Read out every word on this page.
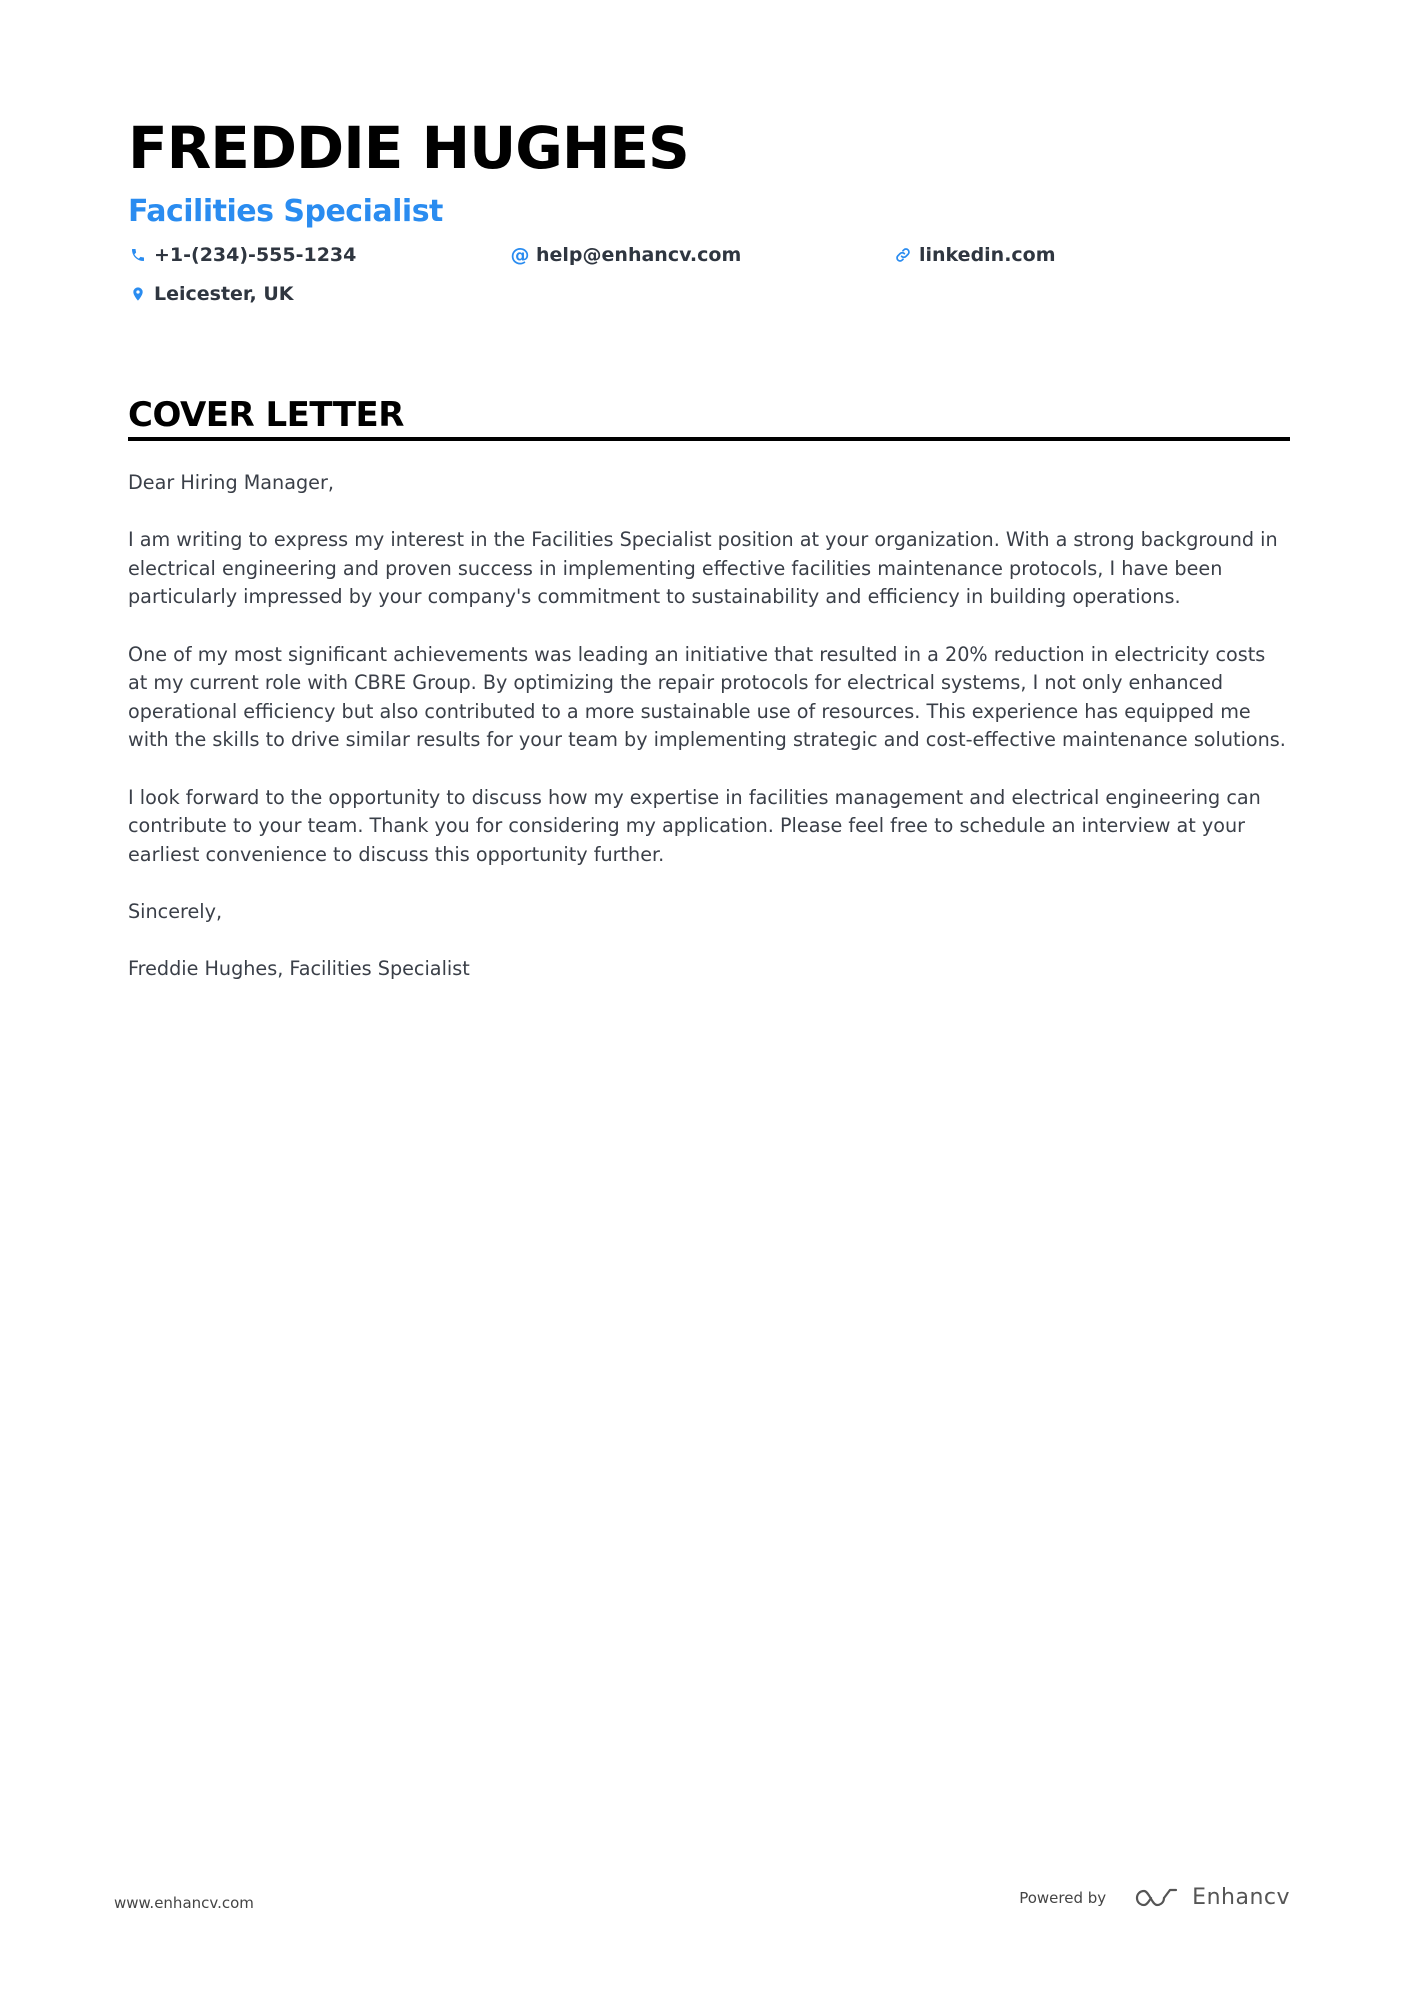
FREDDIE HUGHES
Facilities Specialist
+1-(234)-555-1234	@ help@enhancv.com	linkedin.com
Leicester, UK
COVER LETTER

Dear Hiring Manager,

I am writing to express my interest in the Facilities Specialist position at your organization. With a strong background in electrical engineering and proven success in implementing effective facilities maintenance protocols, I have been particularly impressed by your company's commitment to sustainability and efficiency in building operations.

One of my most significant achievements was leading an initiative that resulted in a 20% reduction in electricity costs at my current role with CBRE Group. By optimizing the repair protocols for electrical systems, I not only enhanced operational efficiency but also contributed to a more sustainable use of resources. This experience has equipped me with the skills to drive similar results for your team by implementing strategic and cost-effective maintenance solutions.

I look forward to the opportunity to discuss how my expertise in facilities management and electrical engineering can contribute to your team. Thank you for considering my application. Please feel free to schedule an interview at your earliest convenience to discuss this opportunity further.

Sincerely,

Freddie Hughes, Facilities Specialist

www.enhancv.com	Powered by	Enhancv
